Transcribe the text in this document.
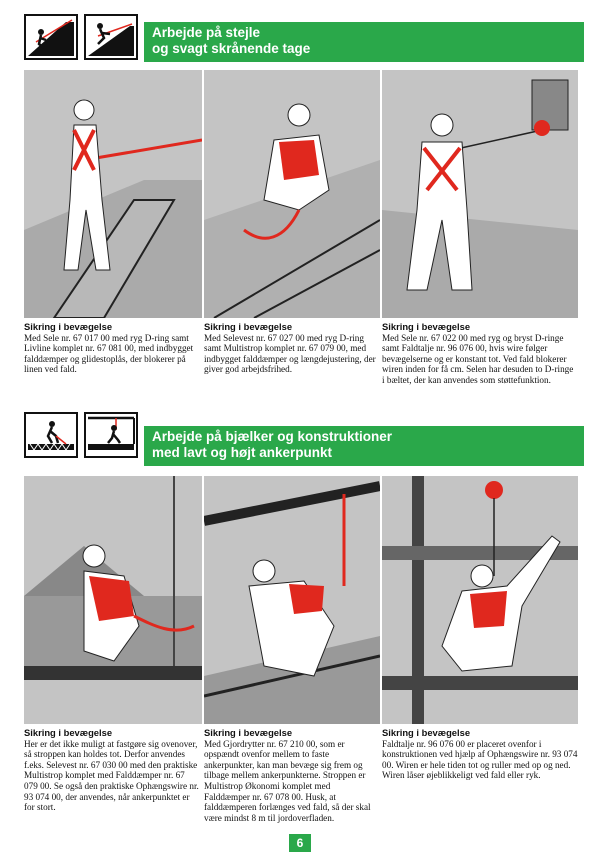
Arbejde på stejle
og svagt skrånende tage
Sikring i bevægelse
Med Sele nr. 67 017 00 med ryg D-ring samt Livline komplet nr. 67 081 00, med indbygget falddæmper og glidestoplås, der blokerer på linen ved fald.
Sikring i bevægelse
Med Selevest nr. 67 027 00 med ryg D-ring samt Multistrop komplet nr. 67 079 00, med indbygget falddæmper og længdejustering, der giver god arbejdsfrihed.
Sikring i bevægelse
Med Sele nr. 67 022 00 med ryg og bryst D-ringe samt Faldtalje nr. 96 076 00, hvis wire følger bevægelserne og er konstant tot. Ved fald blokerer wiren inden for få cm. Selen har desuden to D-ringe i bæltet, der kan anvendes som støttefunktion.
Arbejde på bjælker og konstruktioner
med lavt og højt ankerpunkt
Sikring i bevægelse
Her er det ikke muligt at fastgøre sig ovenover, så stroppen kan holdes tot. Derfor anvendes f.eks. Selevest nr. 67 030 00 med den praktiske Multistrop komplet med Falddæmper nr. 67 079 00. Se også den praktiske Ophængswire nr. 93 074 00, der anvendes, når ankerpunktet er for stort.
Sikring i bevægelse
Med Gjordrytter nr. 67 210 00, som er opspændt ovenfor mellem to faste ankerpunkter, kan man bevæge sig frem og tilbage mellem ankerpunkterne. Stroppen er Multistrop Økonomi komplet med Falddæmper nr. 67 078 00. Husk, at falddæmperen forlænges ved fald, så der skal være mindst 8 m til jordoverfladen.
Sikring i bevægelse
Faldtalje nr. 96 076 00 er placeret ovenfor i konstruktionen ved hjælp af Ophængswire nr. 93 074 00. Wiren er hele tiden tot og ruller med op og ned. Wiren låser øjeblikkeligt ved fald eller ryk.
6
